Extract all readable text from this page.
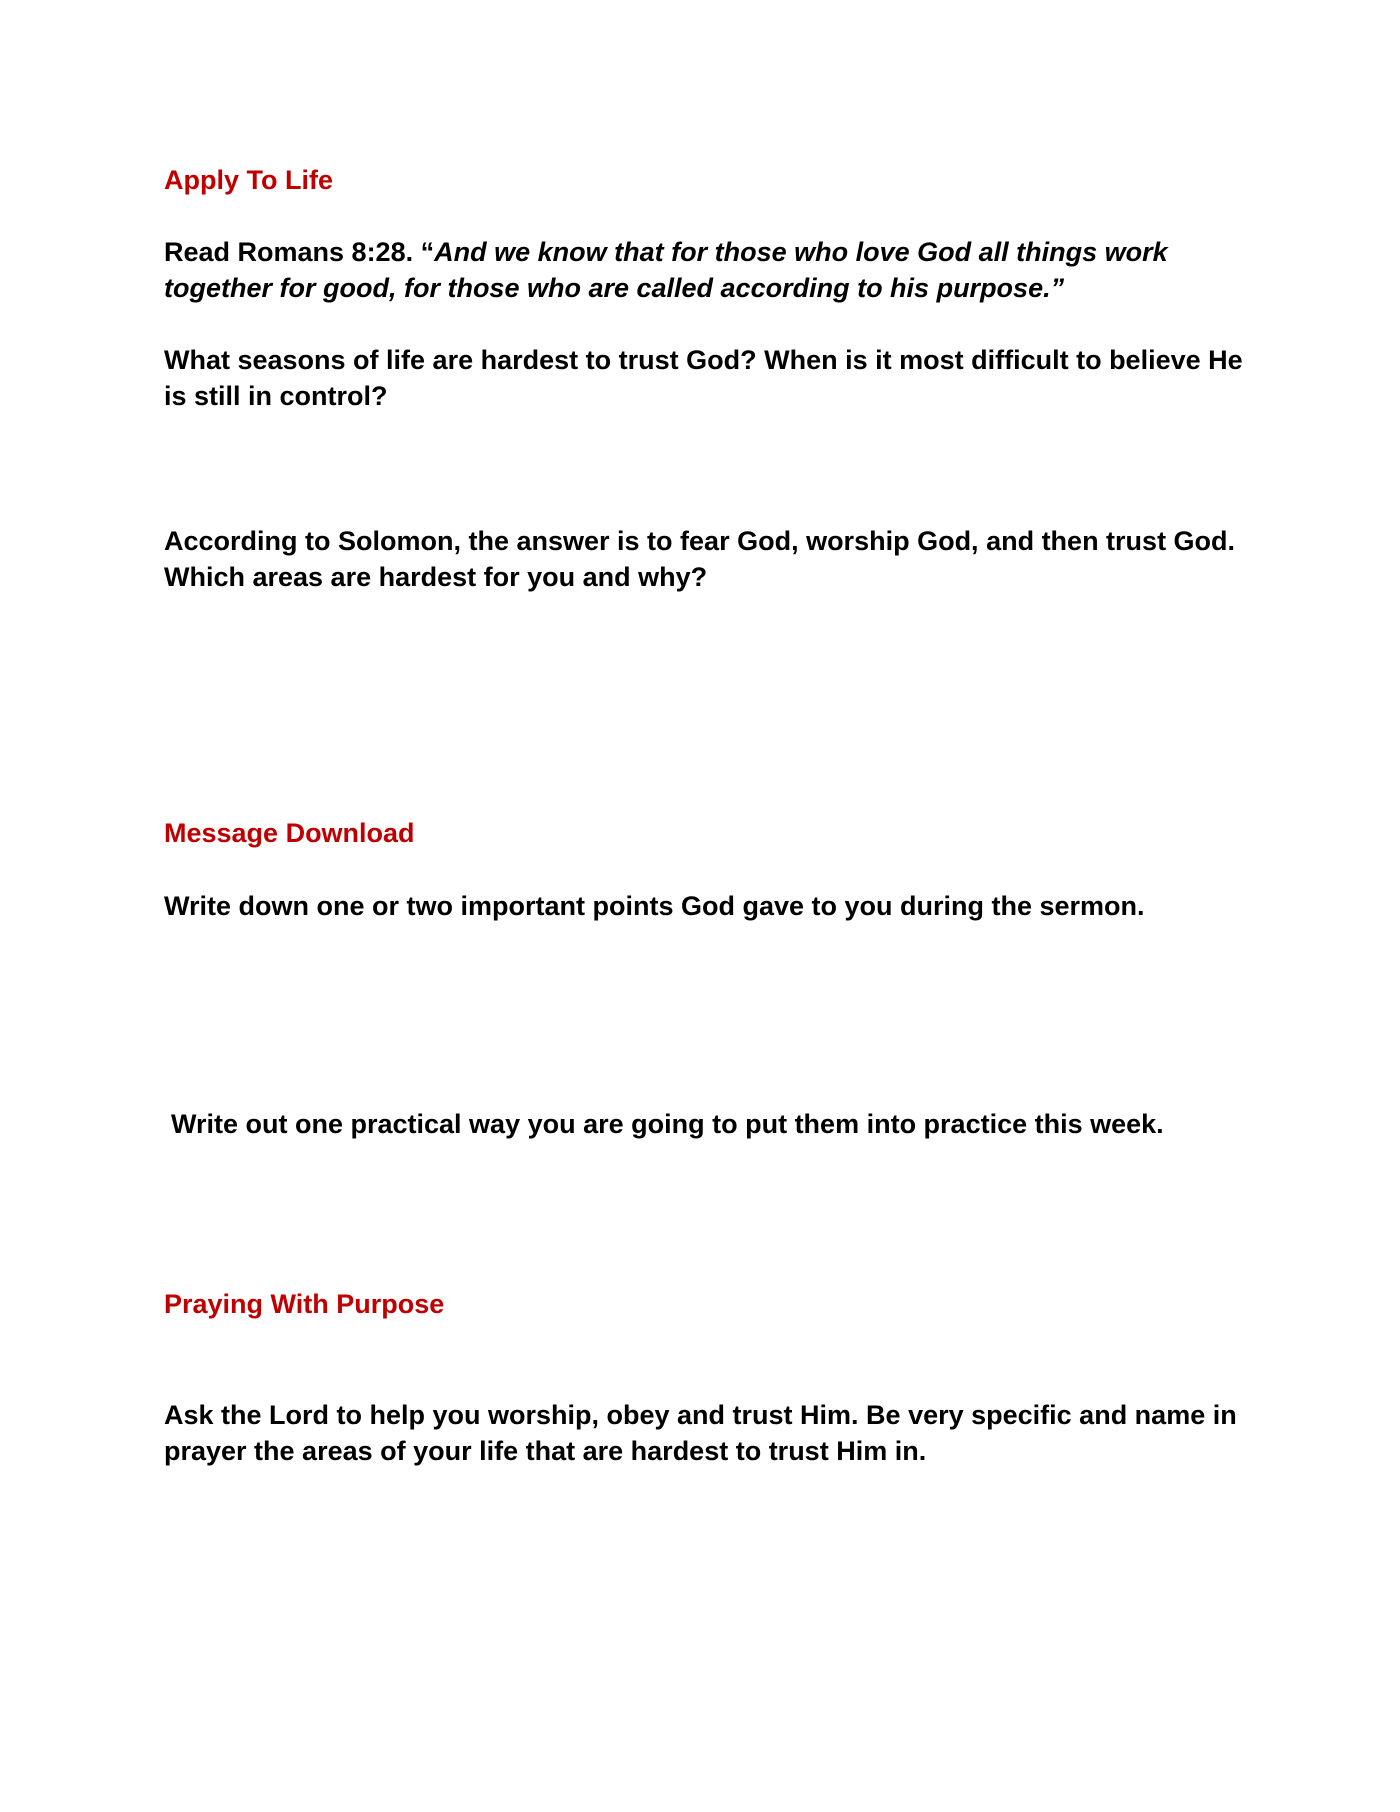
Apply To Life

Read Romans 8:28. “And we know that for those who love God all things work together for good, for those who are called according to his purpose.”

What seasons of life are hardest to trust God? When is it most difficult to believe He is still in control?

According to Solomon, the answer is to fear God, worship God, and then trust God. Which areas are hardest for you and why?

Message Download

Write down one or two important points God gave to you during the sermon.

Write out one practical way you are going to put them into practice this week.

Praying With Purpose

Ask the Lord to help you worship, obey and trust Him. Be very specific and name in prayer the areas of your life that are hardest to trust Him in.
